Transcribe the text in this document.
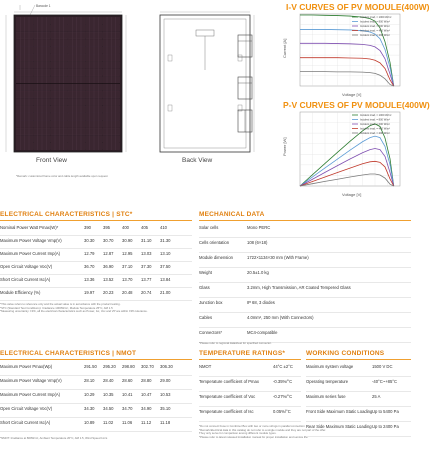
Barcode 1
Front View	Back View
*Remark: customized frame color and cable length available upon request
I-V CURVES OF PV MODULE(400W)
Current [A]
Voltage [V]
Incident irrad. = 1000 W/m²
Incident irrad. = 800 W/m²
Incident irrad. = 600 W/m²
Incident irrad. = 400 W/m²
Incident irrad. = 200 W/m²
P-V CURVES OF PV MODULE(400W)
Power [W]
Voltage [V]
Incident irrad. = 1000 W/m²
Incident irrad. = 800 W/m²
Incident irrad. = 600 W/m²
Incident irrad. = 400 W/m²
Incident irrad. = 200 W/m²
ELECTRICAL CHARACTERISTICS | STC*
Nominal Power Watt Pmax(W)*	390	395	400	405	410
Maximum Power Voltage Vmp(V)	30.30 30.70 30.90 31.10 31.30
Maximum Power Current Imp(A)	12.79 12.87 12.95 13.03 13.10
Open Circuit Voltage Voc(V)	36.70 36.90 37.10 37.30 37.50
Short Circuit Current Isc(A)	13.36 13.52 13.70 13.77 13.84
Module Efficiency (%)	19.97 20.23 20.48 20.74 21.00
*This value refers to reference only and the actual value is in accordance with the product testing.
*STC (Standard Test Conditions): Irradiance 1000W/m², Module Temperature 25°C, AM 1.5
*Measuring uncertainty: ±3%, all the electrical characteristics such as Power, Isc, Voc and VP are within ±3% tolerance.
MECHANICAL DATA
Solar cells	Mono PERC
Cells orientation	108 (6×18)
Module dimension	1722×1134×30 mm (With Frame)
Weight	20.5±1.0 kg
Glass	3.2mm, High Transmission, AR Coated Tempered Glass
Junction box	IP 68, 3 diodes
Cables	4.0mm², 250 mm (With Connectors)
Connectors*	MC4-compatible
*Please refer to regional datasheet for specified connector.
ELECTRICAL CHARACTERISTICS | NMOT
Maximum Power Pmax(Wp)	291.50 295.20 298.80 302.70 306.30
Maximum Power Voltage Vmp(V)	28.10 28.40 28.60 28.80 29.00
Maximum Power Current Imp(A)	10.29 10.35 10.41 10.47 10.53
Open Circuit Voltage Voc(V)	34.30 34.50 34.70 34.90 35.10
Short Circuit Current Isc(A)	10.89 11.02 11.06 11.12 11.18
*NMOT: Irradiance at 800W/m², Ambient Temperature 20°C, AM 1.5, Wind Speed 1m/s
TEMPERATURE RATINGS*
NMOT	44°C ±2°C
Temperature coefficient of Pmax	-0.35%/°C
Temperature coefficient of Voc	-0.27%/°C
Temperature coefficient of Isc	0.05%/°C
*Do not connect Fuse in Combiner Box with two or more strings in parallel connection
*Remark:Electrical data in this catalog do not refer to a single module and they are not part of the offer.
They only serve for comparison among different module types.
*Please refer to latest released installation manual for proper installation and service life.
WORKING CONDITIONS
Maximum system voltage	1500 V DC
Operating temperature	-40°C~+85°C
Maximum series fuse	25 A
Front Side Maximum Static Loading Up to 5400 Pa
Rear Side Maximum Static Loading Up to 2400 Pa
